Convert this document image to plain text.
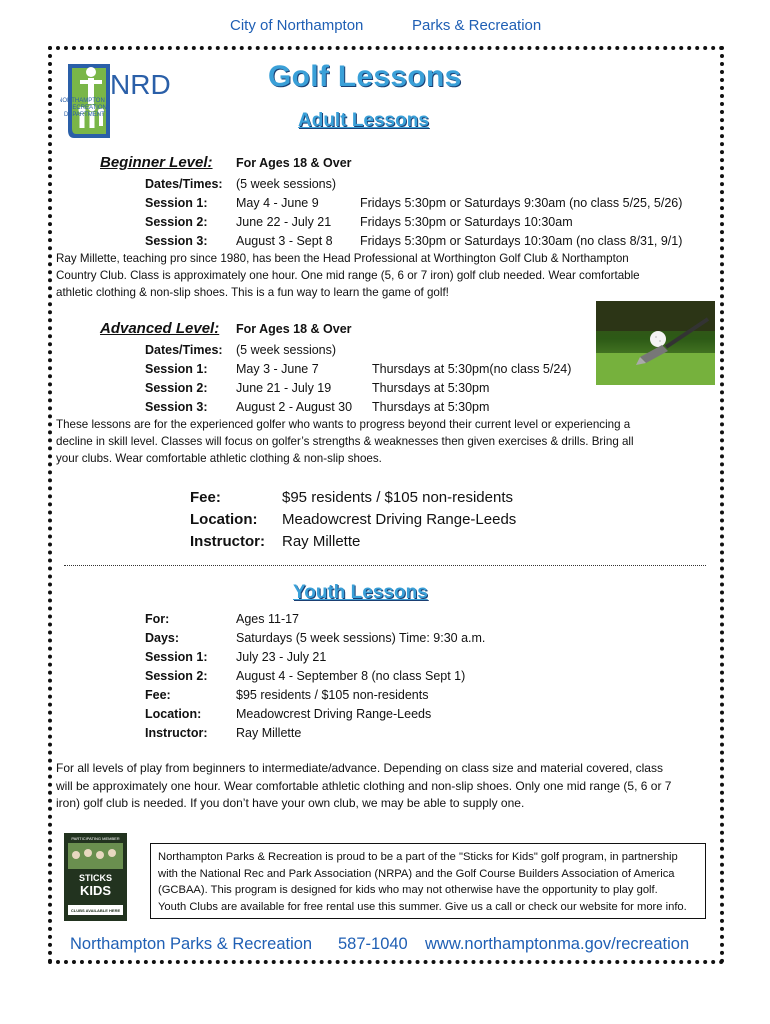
City of Northampton	Parks & Recreation
NRD
NORTHAMPTON
RECREATION
DEPARTMENT
Golf Lessons
Adult Lessons
Beginner Level: For Ages 18 & Over
Dates/Times: (5 week sessions)
Session 1: May 4 - June 9	Fridays 5:30pm or Saturdays 9:30am (no class 5/25, 5/26)
Session 2: June 22 - July 21 Fridays 5:30pm or Saturdays 10:30am
Session 3: August 3 - Sept 8 Fridays 5:30pm or Saturdays 10:30am (no class 8/31, 9/1)
Ray Millette, teaching pro since 1980, has been the Head Professional at Worthington Golf Club & Northampton
Country Club. Class is approximately one hour. One mid range (5, 6 or 7 iron) golf club needed. Wear comfortable
athletic clothing & non-slip shoes. This is a fun way to learn the game of golf!
Advanced Level: For Ages 18 & Over
Dates/Times: (5 week sessions)
Session 1: May 3 - June 7	Thursdays at 5:30pm(no class 5/24)
Session 2: June 21 - July 19	Thursdays at 5:30pm
Session 3: August 2 - August 30 Thursdays at 5:30pm
These lessons are for the experienced golfer who wants to progress beyond their current level or experiencing a
decline in skill level. Classes will focus on golfer’s strengths & weaknesses then given exercises & drills. Bring all
your clubs. Wear comfortable athletic clothing & non-slip shoes.
Fee:	$95 residents / $105 non-residents
Location: Meadowcrest Driving Range-Leeds
Instructor: Ray Millette
Youth Lessons
For:	Ages 11-17
Days:	Saturdays (5 week sessions) Time: 9:30 a.m.
Session 1: July 23 - July 21
Session 2: August 4 - September 8 (no class Sept 1)
Fee:	$95 residents / $105 non-residents
Location:	Meadowcrest Driving Range-Leeds
Instructor: Ray Millette
For all levels of play from beginners to intermediate/advance. Depending on class size and material covered, class
will be approximately one hour. Wear comfortable athletic clothing and non-slip shoes. Only one mid range (5, 6 or 7
iron) golf club is needed. If you don’t have your own club, we may be able to supply one.
PARTICIPATING MEMBER
STICKS
KIDS
CLUBS AVAILABLE HERE
Northampton Parks & Recreation is proud to be a part of the "Sticks for Kids" golf program, in partnership
with the National Rec and Park Association (NRPA) and the Golf Course Builders Association of America
(GCBAA). This program is designed for kids who may not otherwise have the opportunity to play golf.
Youth Clubs are available for free rental use this summer. Give us a call or check our website for more info.
Northampton Parks & Recreation 587-1040 www.northamptonma.gov/recreation
